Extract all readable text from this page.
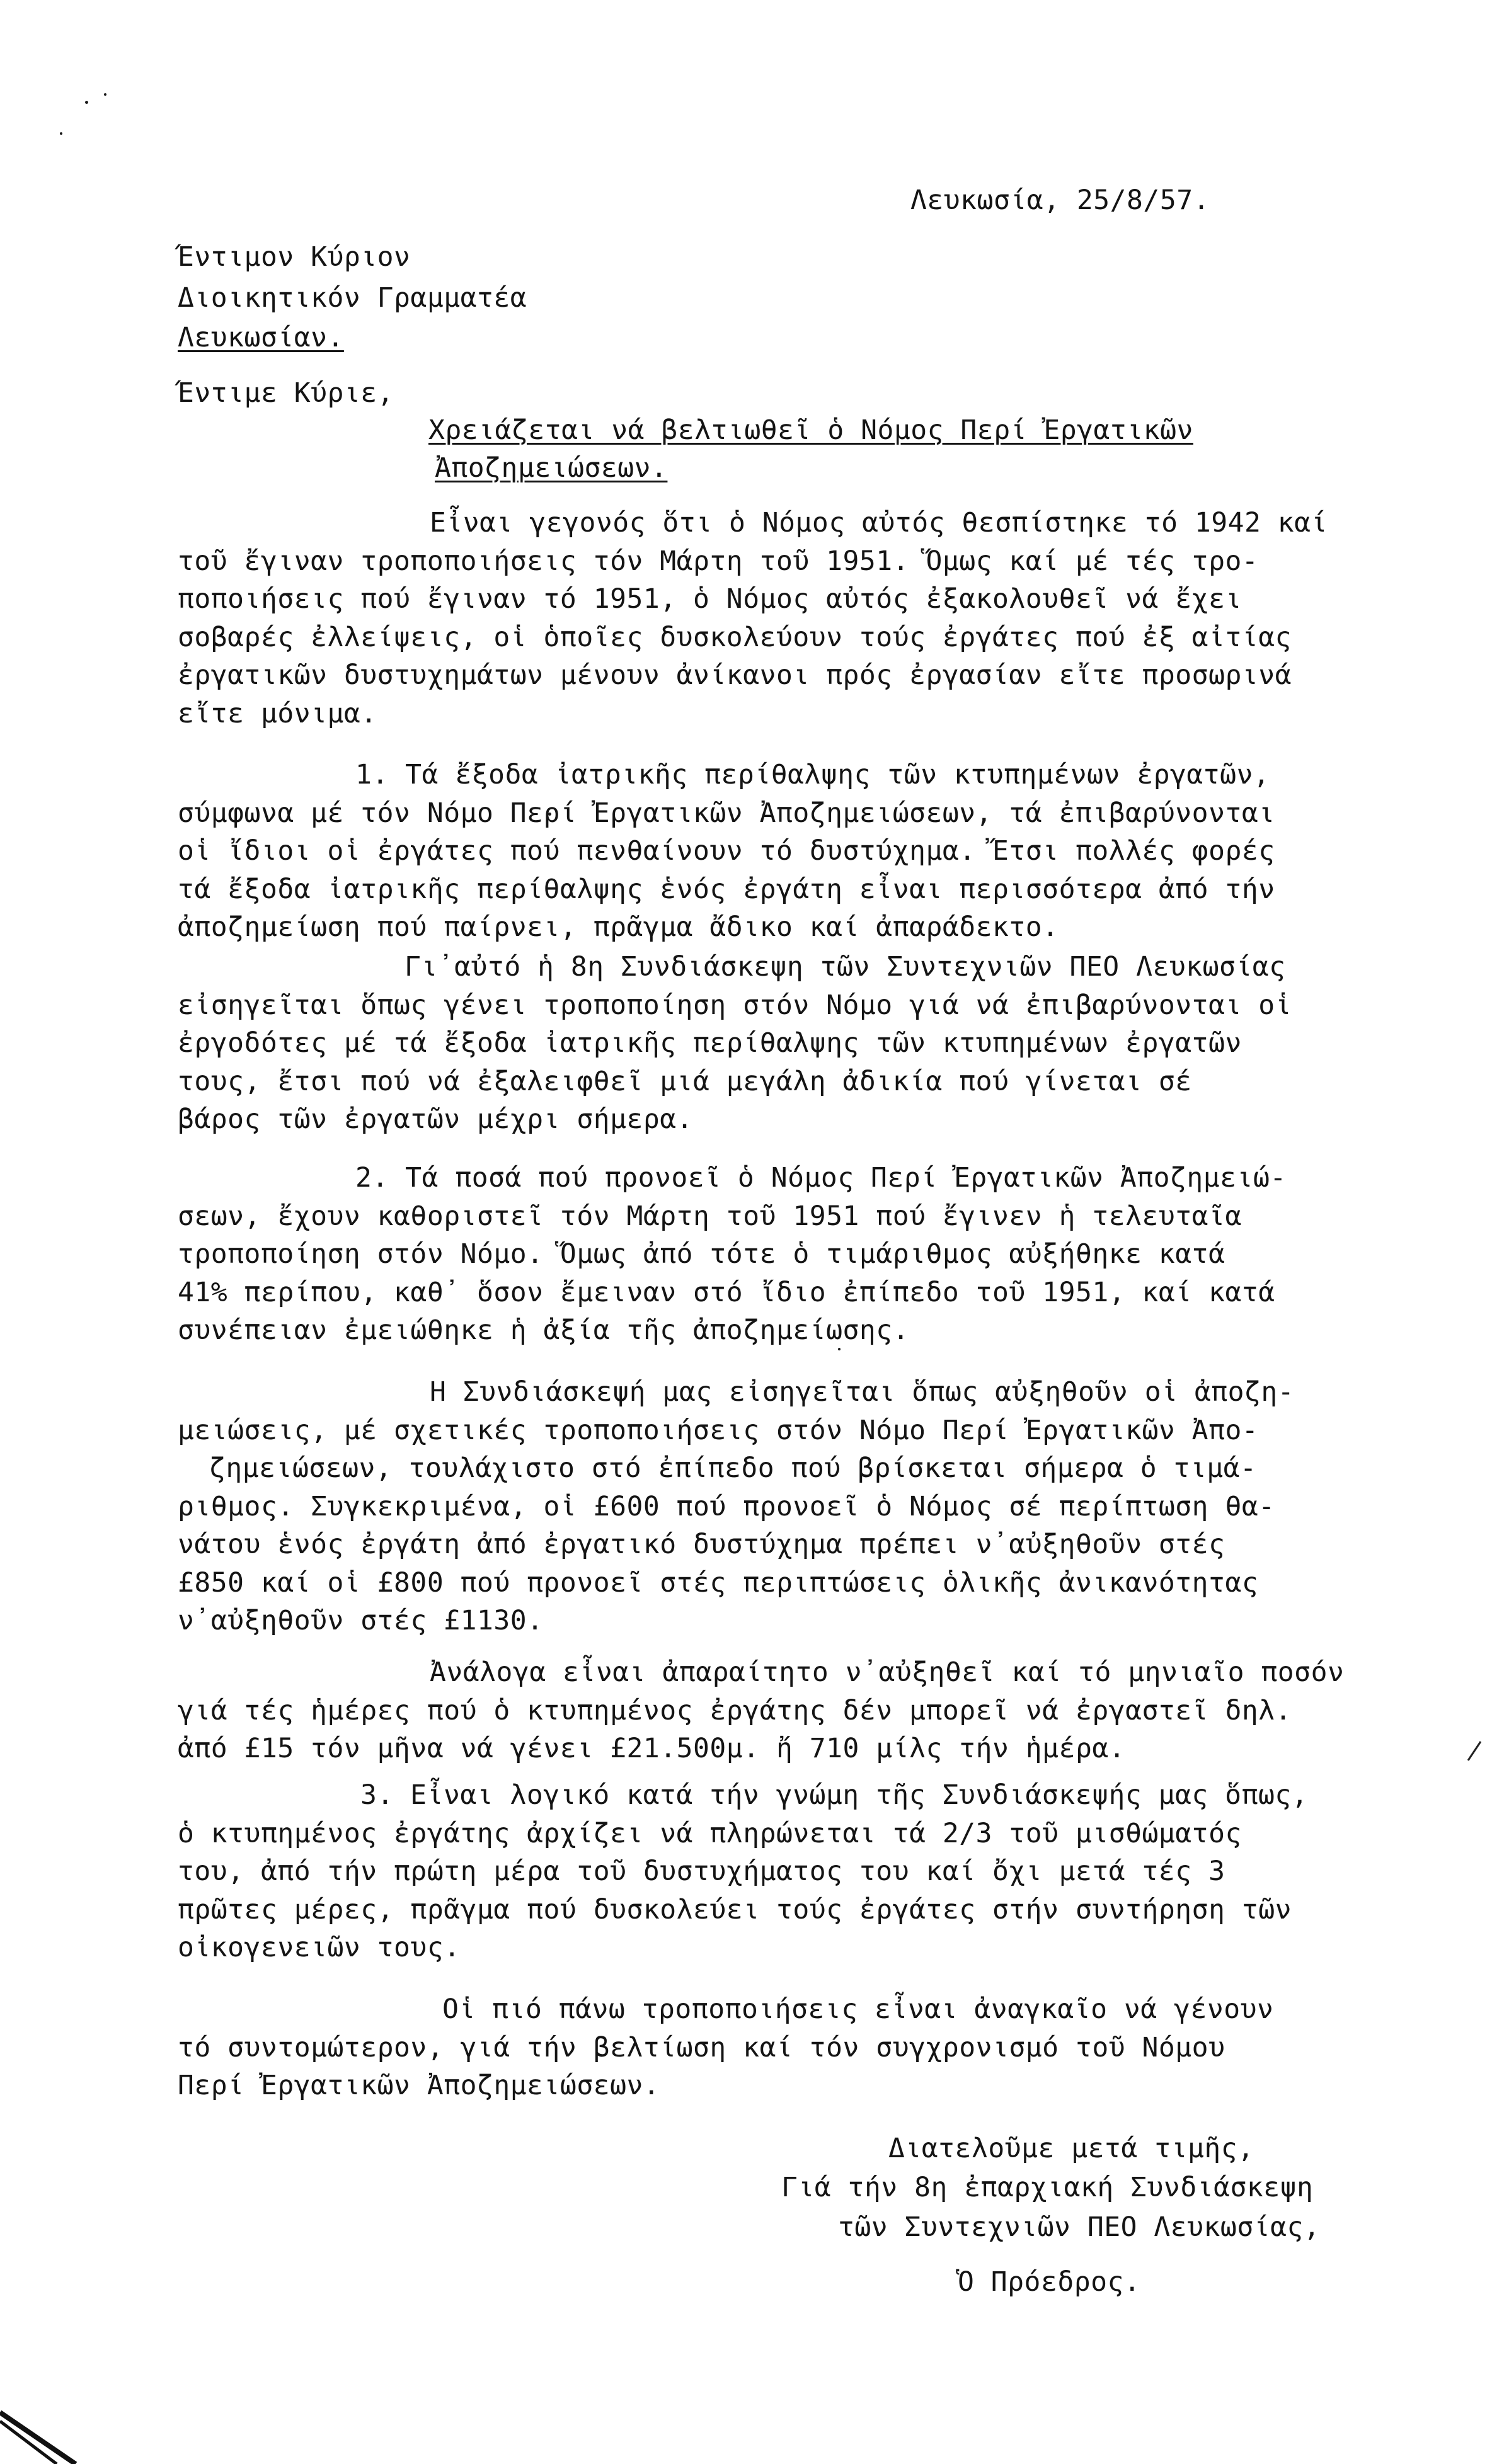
Λευκωσία, 25/8/57.
Έντιμον Κύριον
Διοικητικόν Γραμματέα
Λευκωσίαν.
Έντιμε Κύριε,
Χρειάζεται νά βελτιωθεῖ ὁ Νόμος Περί Ἐργατικῶν
Ἀποζημειώσεων.
Εἶναι γεγονός ὅτι ὁ Νόμος αὐτός θεσπίστηκε τό 1942 καί
τοῦ ἔγιναν τροποποιήσεις τόν Μάρτη τοῦ 1951. Ὅμως καί μέ τές τρο-
ποποιήσεις πού ἔγιναν τό 1951, ὁ Νόμος αὐτός ἐξακολουθεῖ νά ἔχει
σοβαρές ἐλλείψεις, οἱ ὁποῖες δυσκολεύουν τούς ἐργάτες πού ἐξ αἰτίας
ἐργατικῶν δυστυχημάτων μένουν ἀνίκανοι πρός ἐργασίαν εἴτε προσωρινά
εἴτε μόνιμα.
1. Τά ἔξοδα ἰατρικῆς περίθαλψης τῶν κτυπημένων ἐργατῶν,
σύμφωνα μέ τόν Νόμο Περί Ἐργατικῶν Ἀποζημειώσεων, τά ἐπιβαρύνονται
οἱ ἴδιοι οἱ ἐργάτες πού πενθαίνουν τό δυστύχημα. Ἔτσι πολλές φορές
τά ἔξοδα ἰατρικῆς περίθαλψης ἑνός ἐργάτη εἶναι περισσότερα ἀπό τήν
ἀποζημείωση πού παίρνει, πρᾶγμα ἄδικο καί ἀπαράδεκτο.
Γι᾽αὐτό ἡ 8η Συνδιάσκεψη τῶν Συντεχνιῶν ΠΕΟ Λευκωσίας
εἰσηγεῖται ὅπως γένει τροποποίηση στόν Νόμο γιά νά ἐπιβαρύνονται οἱ
ἐργοδότες μέ τά ἔξοδα ἰατρικῆς περίθαλψης τῶν κτυπημένων ἐργατῶν
τους, ἔτσι πού νά ἐξαλειφθεῖ μιά μεγάλη ἀδικία πού γίνεται σέ
βάρος τῶν ἐργατῶν μέχρι σήμερα.
2. Τά ποσά πού προνοεῖ ὁ Νόμος Περί Ἐργατικῶν Ἀποζημειώ-
σεων, ἔχουν καθοριστεῖ τόν Μάρτη τοῦ 1951 πού ἔγινεν ἡ τελευταῖα
τροποποίηση στόν Νόμο. Ὅμως ἀπό τότε ὁ τιμάριθμος αὐξήθηκε κατά
41% περίπου, καθ᾽ ὅσον ἔμειναν στό ἴδιο ἐπίπεδο τοῦ 1951, καί κατά
συνέπειαν ἐμειώθηκε ἡ ἀξία τῆς ἀποζημείωσης.
Η Συνδιάσκεψή μας εἰσηγεῖται ὅπως αὐξηθοῦν οἱ ἀποζη-
μειώσεις, μέ σχετικές τροποποιήσεις στόν Νόμο Περί Ἐργατικῶν Ἀπο-
ζημειώσεων, τουλάχιστο στό ἐπίπεδο πού βρίσκεται σήμερα ὁ τιμά-
ριθμος. Συγκεκριμένα, οἱ £600 πού προνοεῖ ὁ Νόμος σέ περίπτωση θα-
νάτου ἑνός ἐργάτη ἀπό ἐργατικό δυστύχημα πρέπει ν᾽αὐξηθοῦν στές
£850 καί οἱ £800 πού προνοεῖ στές περιπτώσεις ὁλικῆς ἀνικανότητας
ν᾽αὐξηθοῦν στές £1130.
Ἀνάλογα εἶναι ἀπαραίτητο ν᾽αὐξηθεῖ καί τό μηνιαῖο ποσόν
γιά τές ἡμέρες πού ὁ κτυπημένος ἐργάτης δέν μπορεῖ νά ἐργαστεῖ δηλ.
ἀπό £15 τόν μῆνα νά γένει £21.500μ. ἤ 710 μίλς τήν ἡμέρα.
3. Εἶναι λογικό κατά τήν γνώμη τῆς Συνδιάσκεψής μας ὅπως,
ὁ κτυπημένος ἐργάτης ἀρχίζει νά πληρώνεται τά 2/3 τοῦ μισθώματός
του, ἀπό τήν πρώτη μέρα τοῦ δυστυχήματος του καί ὄχι μετά τές 3
πρῶτες μέρες, πρᾶγμα πού δυσκολεύει τούς ἐργάτες στήν συντήρηση τῶν
οἰκογενειῶν τους.
Οἱ πιό πάνω τροποποιήσεις εἶναι ἀναγκαῖο νά γένουν
τό συντομώτερον, γιά τήν βελτίωση καί τόν συγχρονισμό τοῦ Νόμου
Περί Ἐργατικῶν Ἀποζημειώσεων.
Διατελοῦμε μετά τιμῆς,
Γιά τήν 8η ἐπαρχιακή Συνδιάσκεψη
τῶν Συντεχνιῶν ΠΕΟ Λευκωσίας,
Ὁ Πρόεδρος.
